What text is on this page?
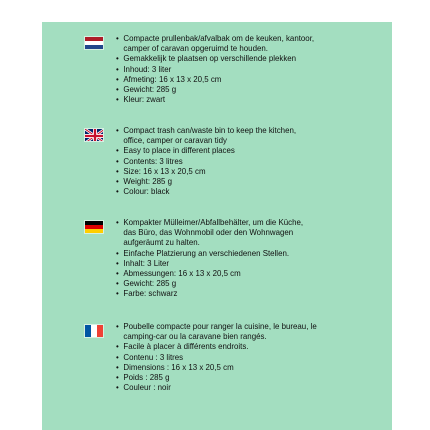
• Compacte prullenbak/afvalbak om de keuken, kantoor,
camper of caravan opgeruimd te houden.
• Gemakkelijk te plaatsen op verschillende plekken
• Inhoud: 3 liter
• Afmeting: 16 x 13 x 20,5 cm
• Gewicht: 285 g
• Kleur: zwart
• Compact trash can/waste bin to keep the kitchen,
office, camper or caravan tidy
• Easy to place in different places
• Contents: 3 litres
• Size: 16 x 13 x 20,5 cm
• Weight: 285 g
• Colour: black
• Kompakter Mülleimer/Abfallbehälter, um die Küche,
das Büro, das Wohnmobil oder den Wohnwagen
aufgeräumt zu halten.
• Einfache Platzierung an verschiedenen Stellen.
• Inhalt: 3 Liter
• Abmessungen: 16 x 13 x 20,5 cm
• Gewicht: 285 g
• Farbe: schwarz
• Poubelle compacte pour ranger la cuisine, le bureau, le
camping-car ou la caravane bien rangés.
• Facile à placer à différents endroits.
• Contenu : 3 litres
• Dimensions : 16 x 13 x 20,5 cm
• Poids : 285 g
• Couleur : noir
